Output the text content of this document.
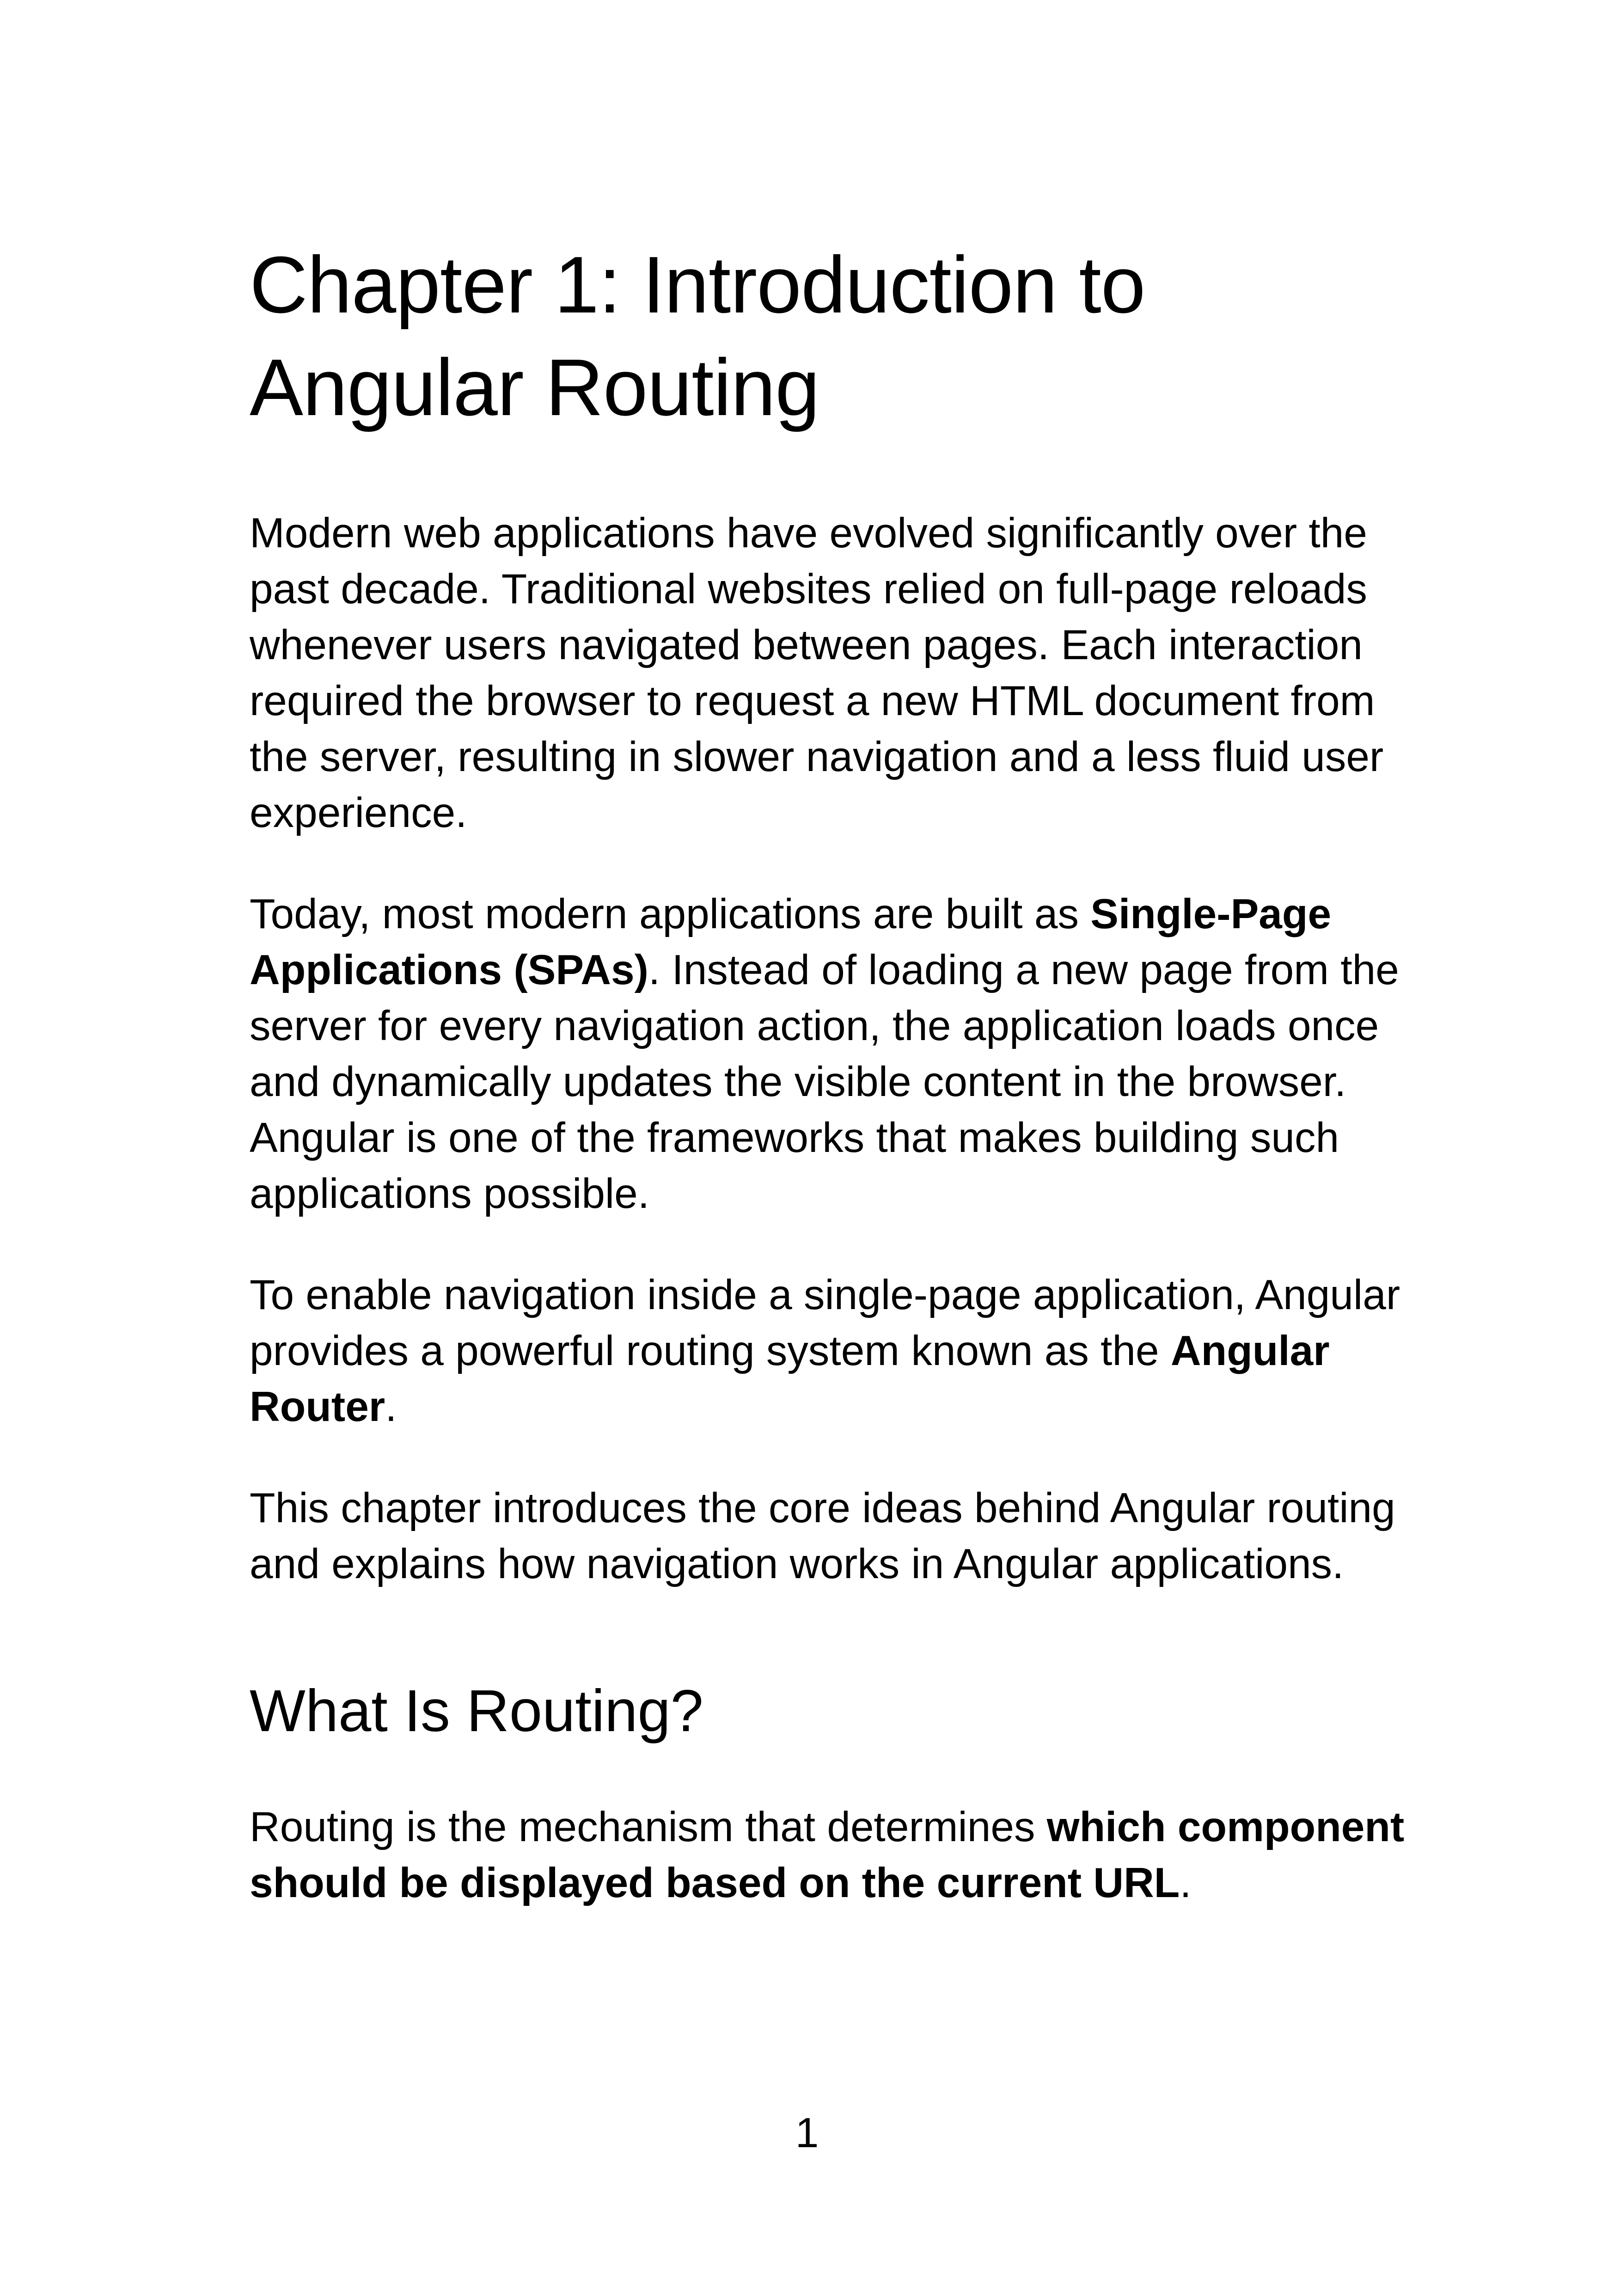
Chapter 1: Introduction to Angular Routing

Modern web applications have evolved significantly over the past decade. Traditional websites relied on full-page reloads whenever users navigated between pages. Each interaction required the browser to request a new HTML document from the server, resulting in slower navigation and a less fluid user experience.

Today, most modern applications are built as Single-Page Applications (SPAs). Instead of loading a new page from the server for every navigation action, the application loads once and dynamically updates the visible content in the browser. Angular is one of the frameworks that makes building such applications possible.

To enable navigation inside a single-page application, Angular provides a powerful routing system known as the Angular Router.

This chapter introduces the core ideas behind Angular routing and explains how navigation works in Angular applications.

What Is Routing?

Routing is the mechanism that determines which component should be displayed based on the current URL.

1
